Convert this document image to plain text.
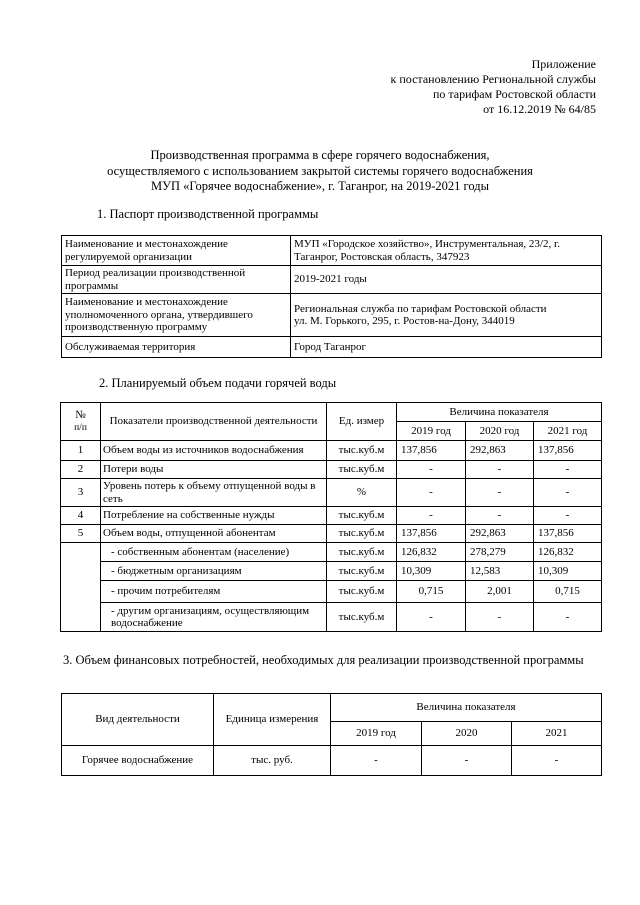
Приложение
к постановлению Региональной службы
по тарифам Ростовской области
от 16.12.2019 № 64/85
Производственная программа в сфере горячего водоснабжения,
осуществляемого с использованием закрытой системы горячего водоснабжения
МУП «Горячее водоснабжение», г. Таганрог, на 2019-2021 годы
1. Паспорт производственной программы
Наименование и местонахождение регулируемой организации	МУП «Городское хозяйство», Инструментальная, 23/2, г. Таганрог, Ростовская область, 347923
Период реализации производственной программы	2019-2021 годы
Наименование и местонахождение уполномоченного органа, утвердившего производственную программу	Региональная служба по тарифам Ростовской области
ул. М. Горького, 295, г. Ростов-на-Дону, 344019

Обслуживаемая территория	Город Таганрог
2. Планируемый объем подачи горячей воды
№
п/п	Показатели производственной деятельности	Ед. измер	Величина показателя		
			2019 год	2020 год	2021 год
1	Объем воды из источников водоснабжения	тыс.куб.м	137,856	292,863	137,856
2	Потери воды	тыс.куб.м	-	-	-
3	Уровень потерь к объему отпущенной воды в сеть	%	-	-	-
4	Потребление на собственные нужды	тыс.куб.м	-	-	-
5	Объем воды, отпущенной абонентам	тыс.куб.м	137,856	292,863	137,856
	- собственным абонентам (население)	тыс.куб.м	126,832	278,279	126,832
	- бюджетным организациям	тыс.куб.м	10,309	12,583	10,309
	- прочим потребителям	тыс.куб.м	0,715	2,001	0,715
	- другим организациям, осуществляющим водоснабжение	тыс.куб.м	-	-	-
3. Объем финансовых потребностей, необходимых для реализации производственной программы
Вид деятельности	Единица измерения	Величина показателя		
		2019 год	2020	2021
Горячее водоснабжение	тыс. руб.	-	-	-
